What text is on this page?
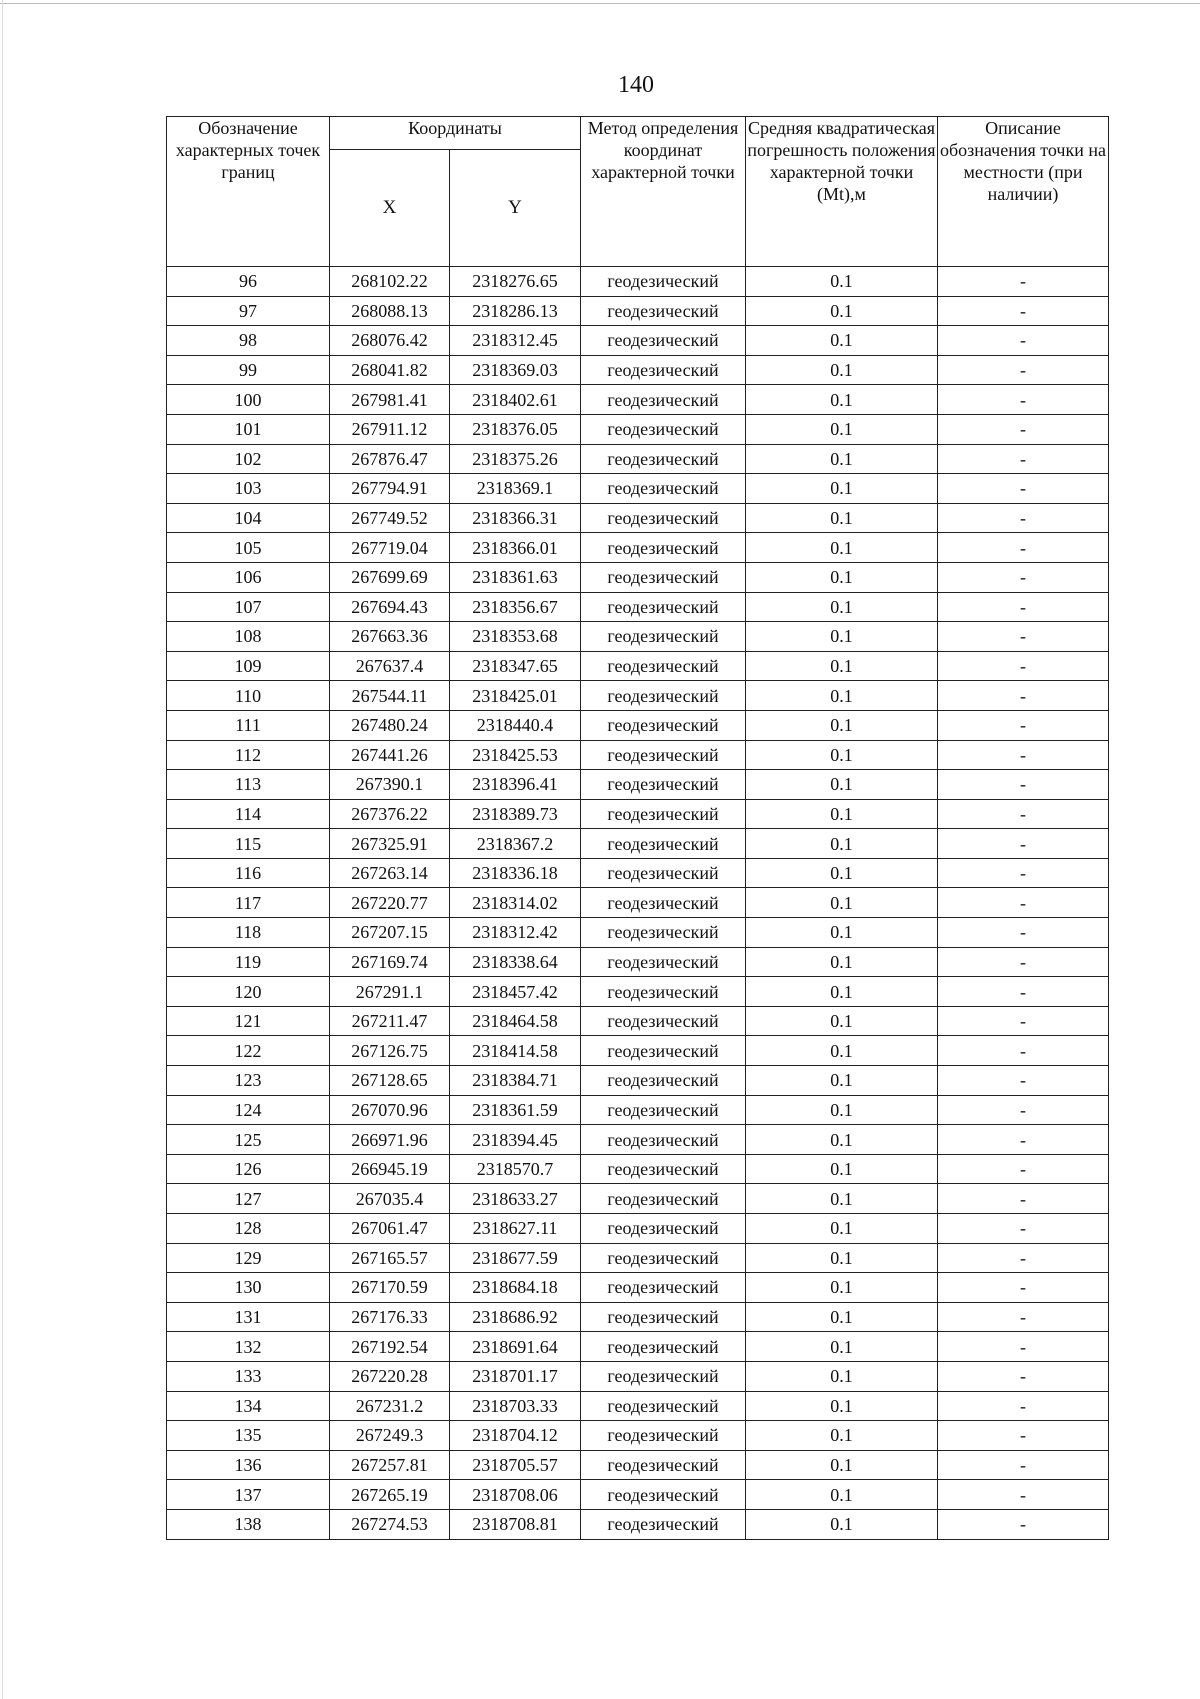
140
Обозначение характерных точек границ	Координаты		Метод определения координат характерной точки	Средняя квадратическая погрешность положения характерной точки (Mt),м	Описание обозначения точки на местности (при наличии)
	X	Y			
96	268102.22	2318276.65	геодезический	0.1	-
97	268088.13	2318286.13	геодезический	0.1	-
98	268076.42	2318312.45	геодезический	0.1	-
99	268041.82	2318369.03	геодезический	0.1	-
100	267981.41	2318402.61	геодезический	0.1	-
101	267911.12	2318376.05	геодезический	0.1	-
102	267876.47	2318375.26	геодезический	0.1	-
103	267794.91	2318369.1	геодезический	0.1	-
104	267749.52	2318366.31	геодезический	0.1	-
105	267719.04	2318366.01	геодезический	0.1	-
106	267699.69	2318361.63	геодезический	0.1	-
107	267694.43	2318356.67	геодезический	0.1	-
108	267663.36	2318353.68	геодезический	0.1	-
109	267637.4	2318347.65	геодезический	0.1	-
110	267544.11	2318425.01	геодезический	0.1	-
111	267480.24	2318440.4	геодезический	0.1	-
112	267441.26	2318425.53	геодезический	0.1	-
113	267390.1	2318396.41	геодезический	0.1	-
114	267376.22	2318389.73	геодезический	0.1	-
115	267325.91	2318367.2	геодезический	0.1	-
116	267263.14	2318336.18	геодезический	0.1	-
117	267220.77	2318314.02	геодезический	0.1	-
118	267207.15	2318312.42	геодезический	0.1	-
119	267169.74	2318338.64	геодезический	0.1	-
120	267291.1	2318457.42	геодезический	0.1	-
121	267211.47	2318464.58	геодезический	0.1	-
122	267126.75	2318414.58	геодезический	0.1	-
123	267128.65	2318384.71	геодезический	0.1	-
124	267070.96	2318361.59	геодезический	0.1	-
125	266971.96	2318394.45	геодезический	0.1	-
126	266945.19	2318570.7	геодезический	0.1	-
127	267035.4	2318633.27	геодезический	0.1	-
128	267061.47	2318627.11	геодезический	0.1	-
129	267165.57	2318677.59	геодезический	0.1	-
130	267170.59	2318684.18	геодезический	0.1	-
131	267176.33	2318686.92	геодезический	0.1	-
132	267192.54	2318691.64	геодезический	0.1	-
133	267220.28	2318701.17	геодезический	0.1	-
134	267231.2	2318703.33	геодезический	0.1	-
135	267249.3	2318704.12	геодезический	0.1	-
136	267257.81	2318705.57	геодезический	0.1	-
137	267265.19	2318708.06	геодезический	0.1	-
138	267274.53	2318708.81	геодезический	0.1	-
